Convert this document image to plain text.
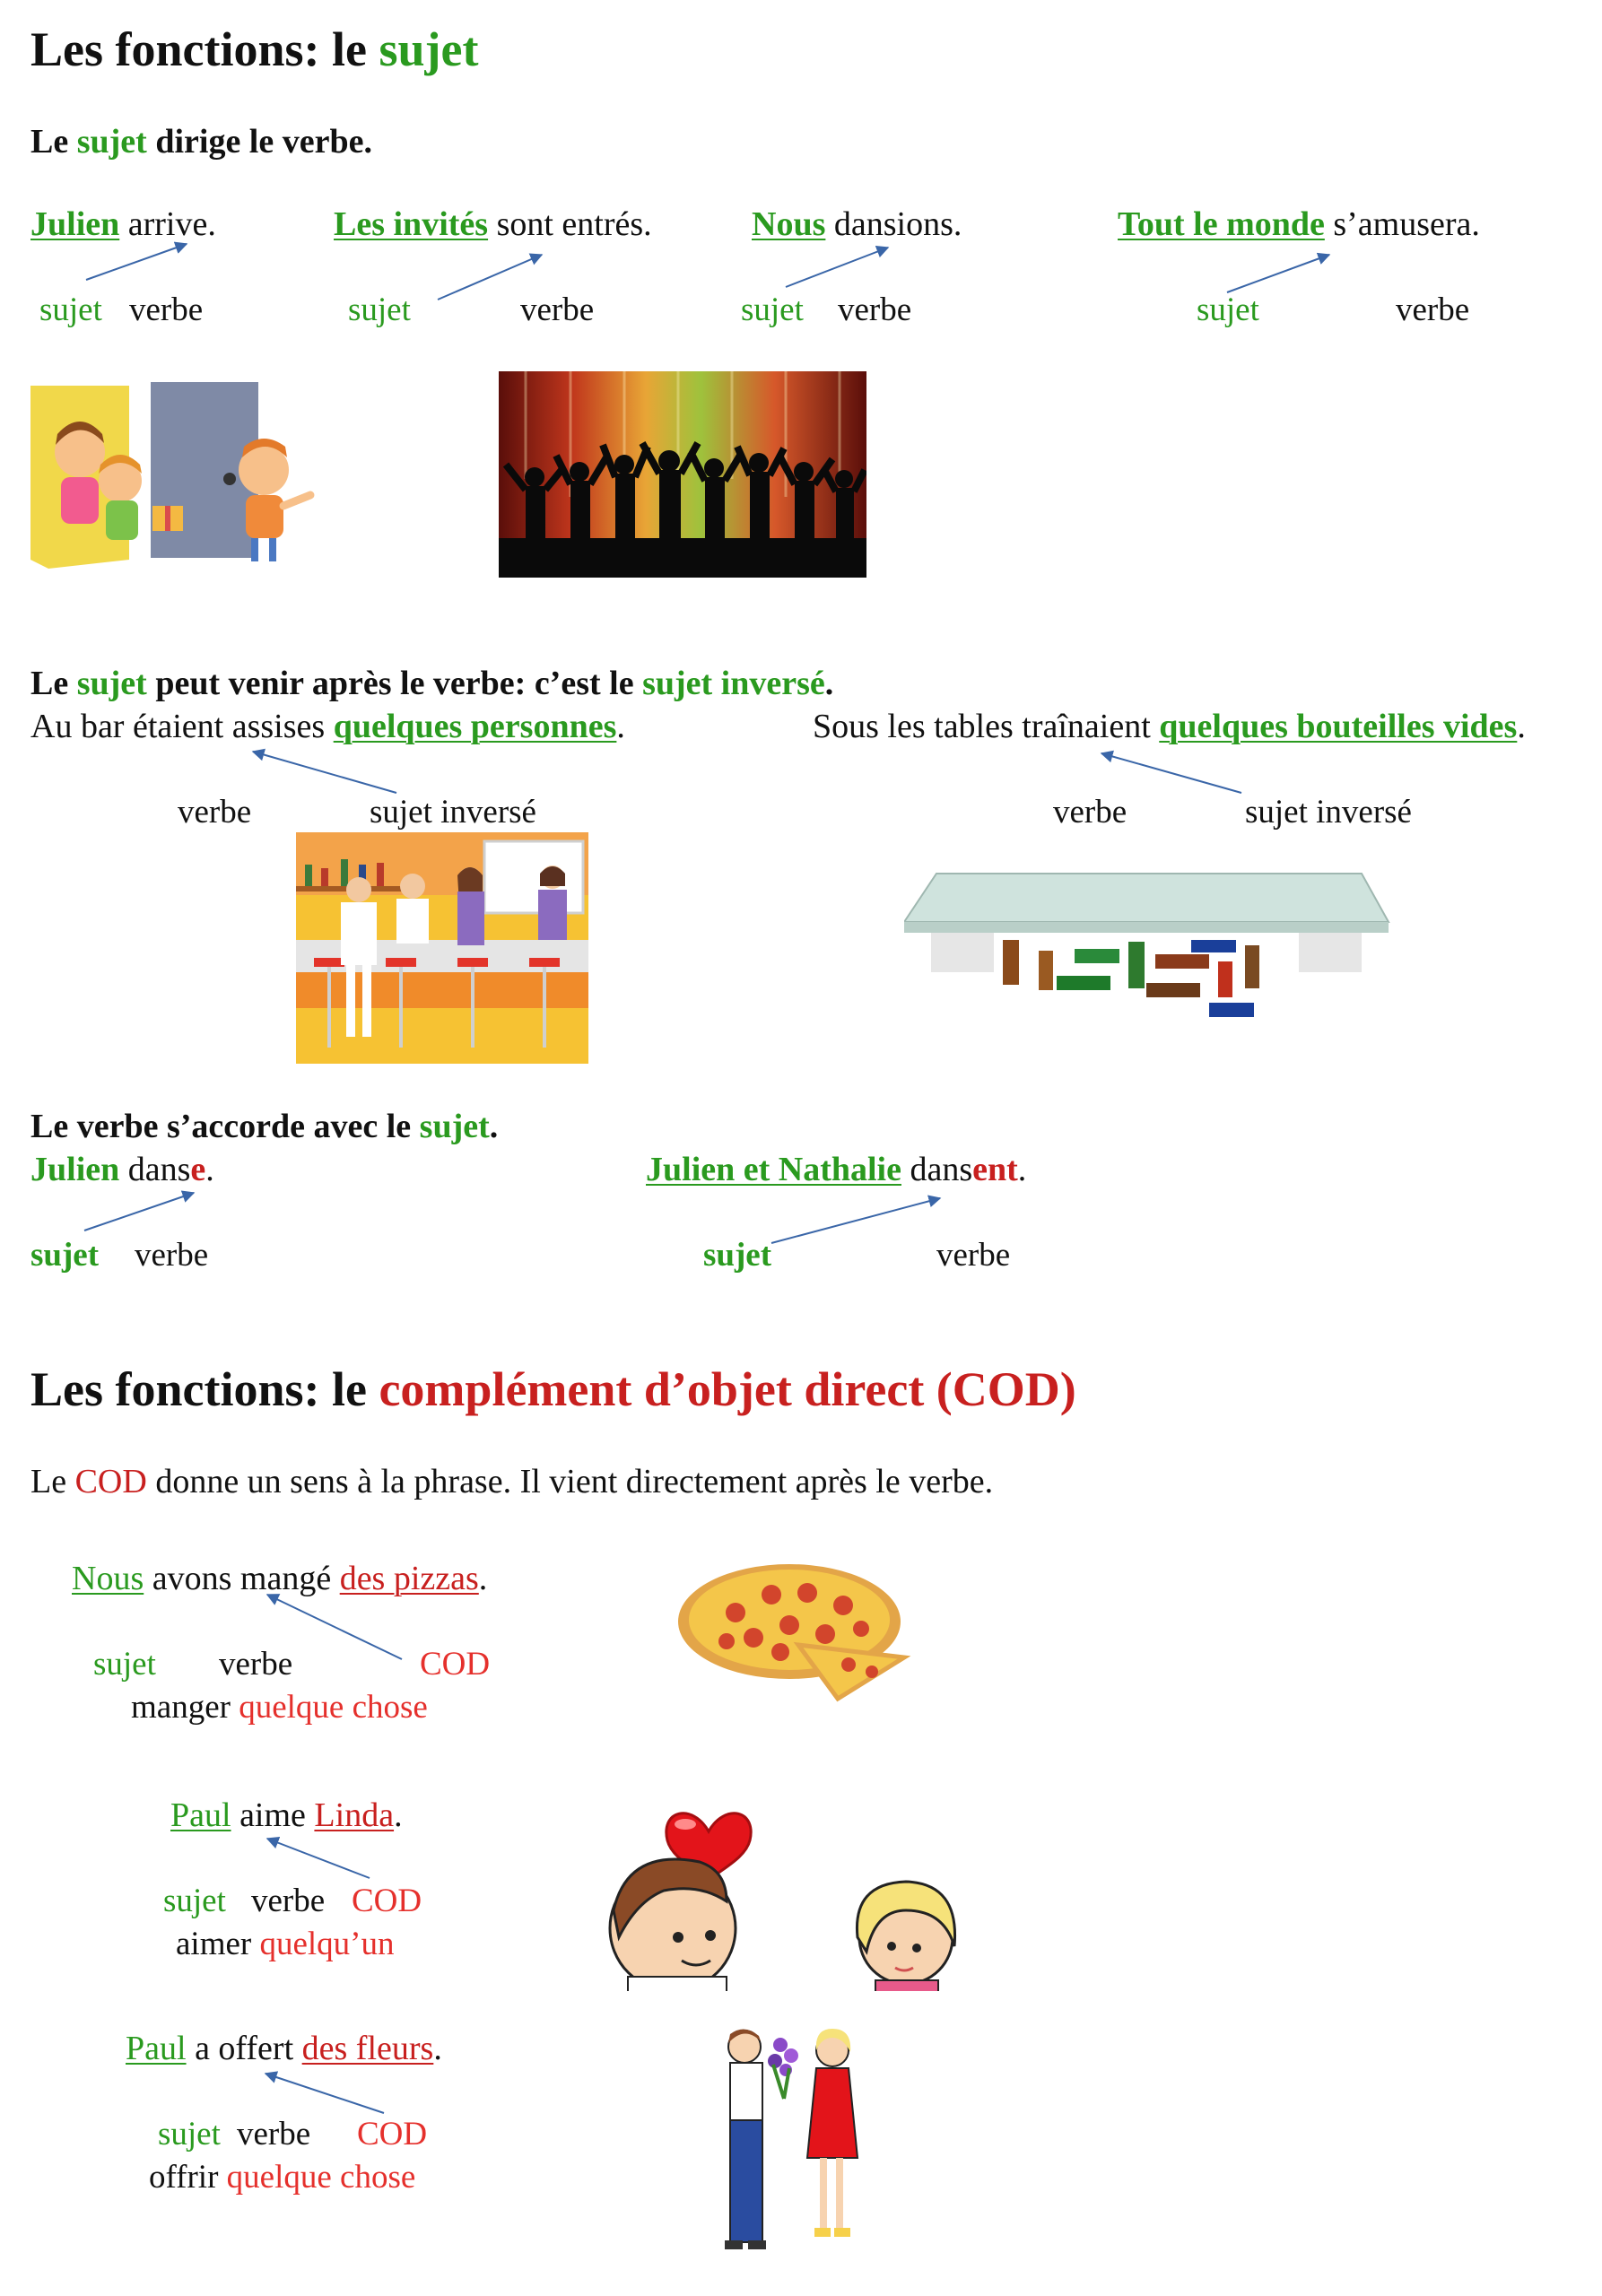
Les fonctions: le sujet
Le sujet dirige le verbe.
Julien arrive.
sujet verbe
Les invités sont entrés.
sujet	verbe
Nous dansions.
sujet verbe
Tout le monde s’amusera.
sujet	verbe
Le sujet peut venir après le verbe: c’est le sujet inversé.
Au bar étaient assises quelques personnes.
verbe	sujet inversé
Sous les tables traînaient quelques bouteilles vides.
verbe	sujet inversé
Le verbe s’accorde avec le sujet.
Julien danse.
sujet verbe
Julien et Nathalie dansent.
sujet	verbe
Les fonctions: le complément d’objet direct (COD)
Le COD donne un sens à la phrase. Il vient directement après le verbe.
Nous avons mangé des pizzas.
sujet verbe	COD
manger quelque chose
Paul aime Linda.
sujet verbe COD
aimer quelqu’un
Paul a offert des fleurs.
sujet verbe COD
offrir quelque chose
